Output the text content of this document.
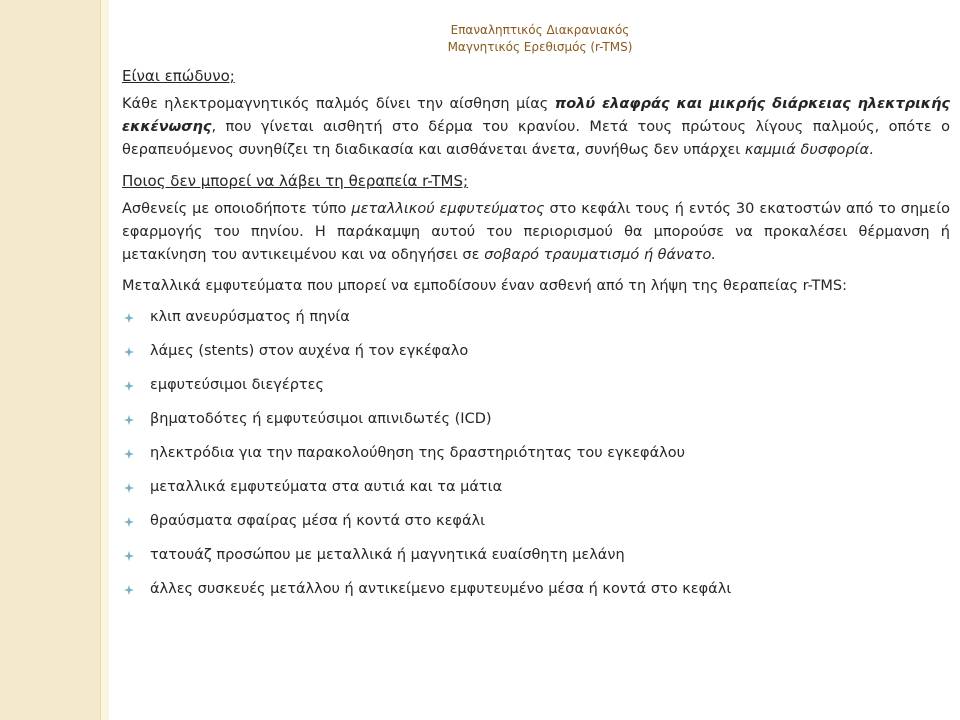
Επαναληπτικός Διακρανιακός
Μαγνητικός Ερεθισμός (r-TMS)
Είναι επώδυνο;

Κάθε ηλεκτρομαγνητικός παλμός δίνει την αίσθηση μίας πολύ ελαφράς και μικρής διάρκειας ηλεκτρικής εκκένωσης, που γίνεται αισθητή στο δέρμα του κρανίου. Μετά τους πρώτους λίγους παλμούς, οπότε ο θεραπευόμενος συνηθίζει τη διαδικασία και αισθάνεται άνετα, συνήθως δεν υπάρχει καμμιά δυσφορία.

Ποιος δεν μπορεί να λάβει τη θεραπεία r-TMS;

Ασθενείς με οποιοδήποτε τύπο μεταλλικού εμφυτεύματος στο κεφάλι τους ή εντός 30 εκατοστών από το σημείο εφαρμογής του πηνίου. Η παράκαμψη αυτού του περιορισμού θα μπορούσε να προκαλέσει θέρμανση ή μετακίνηση του αντικειμένου και να οδηγήσει σε σοβαρό τραυματισμό ή θάνατο.

Μεταλλικά εμφυτεύματα που μπορεί να εμποδίσουν έναν ασθενή από τη λήψη της θεραπείας r-TMS:

κλιπ ανευρύσματος ή πηνία
λάμες (stents) στον αυχένα ή τον εγκέφαλο
εμφυτεύσιμοι διεγέρτες
βηματοδότες ή εμφυτεύσιμοι απινιδωτές (ICD)
ηλεκτρόδια για την παρακολούθηση της δραστηριότητας του εγκεφάλου
μεταλλικά εμφυτεύματα στα αυτιά και τα μάτια
θραύσματα σφαίρας μέσα ή κοντά στο κεφάλι
τατουάζ προσώπου με μεταλλικά ή μαγνητικά ευαίσθητη μελάνη
άλλες συσκευές μετάλλου ή αντικείμενο εμφυτευμένο μέσα ή κοντά στο κεφάλι
